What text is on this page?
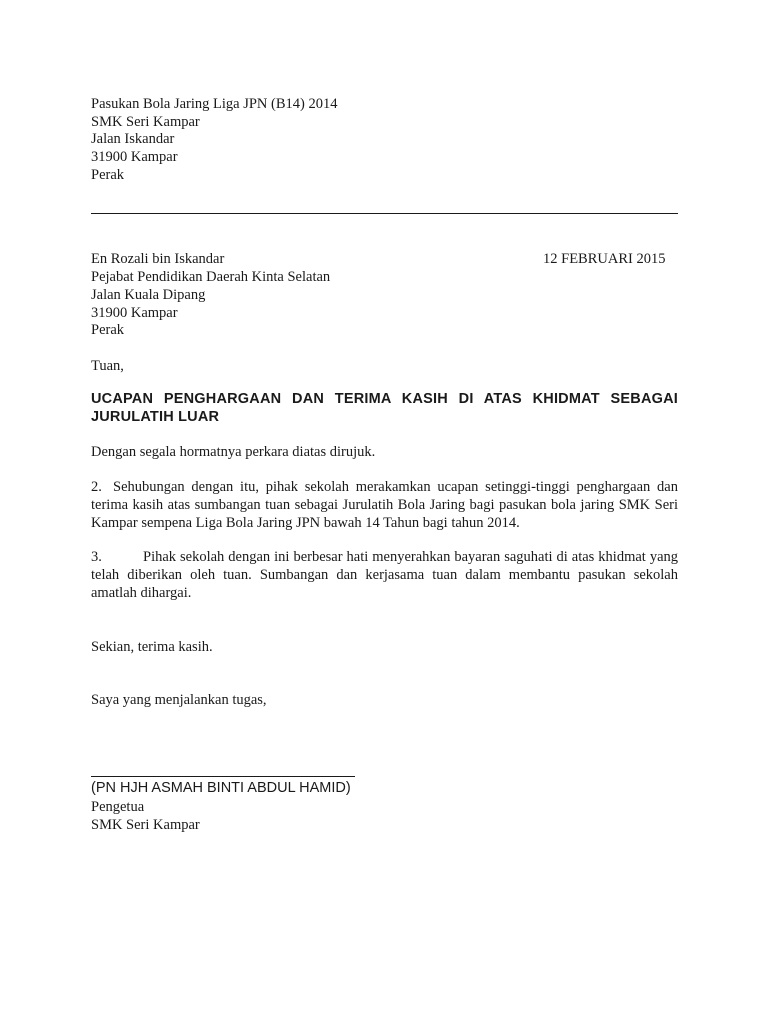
Pasukan Bola Jaring Liga JPN (B14) 2014
SMK Seri Kampar
Jalan Iskandar
31900 Kampar
Perak
En Rozali bin Iskandar	12 FEBRUARI 2015
Pejabat Pendidikan Daerah Kinta Selatan
Jalan Kuala Dipang
31900 Kampar
Perak
Tuan,
UCAPAN PENGHARGAAN DAN TERIMA KASIH DI ATAS KHIDMAT SEBAGAI JURULATIH LUAR
Dengan segala hormatnya perkara diatas dirujuk.
2. Sehubungan dengan itu, pihak sekolah merakamkan ucapan setinggi-tinggi penghargaan dan terima kasih atas sumbangan tuan sebagai Jurulatih Bola Jaring bagi pasukan bola jaring SMK Seri Kampar sempena Liga Bola Jaring JPN bawah 14 Tahun bagi tahun 2014.
3.	Pihak sekolah dengan ini berbesar hati menyerahkan bayaran saguhati di atas khidmat yang telah diberikan oleh tuan. Sumbangan dan kerjasama tuan dalam membantu pasukan sekolah amatlah dihargai.
Sekian, terima kasih.
Saya yang menjalankan tugas,
(PN HJH ASMAH BINTI ABDUL HAMID)
Pengetua
SMK Seri Kampar
